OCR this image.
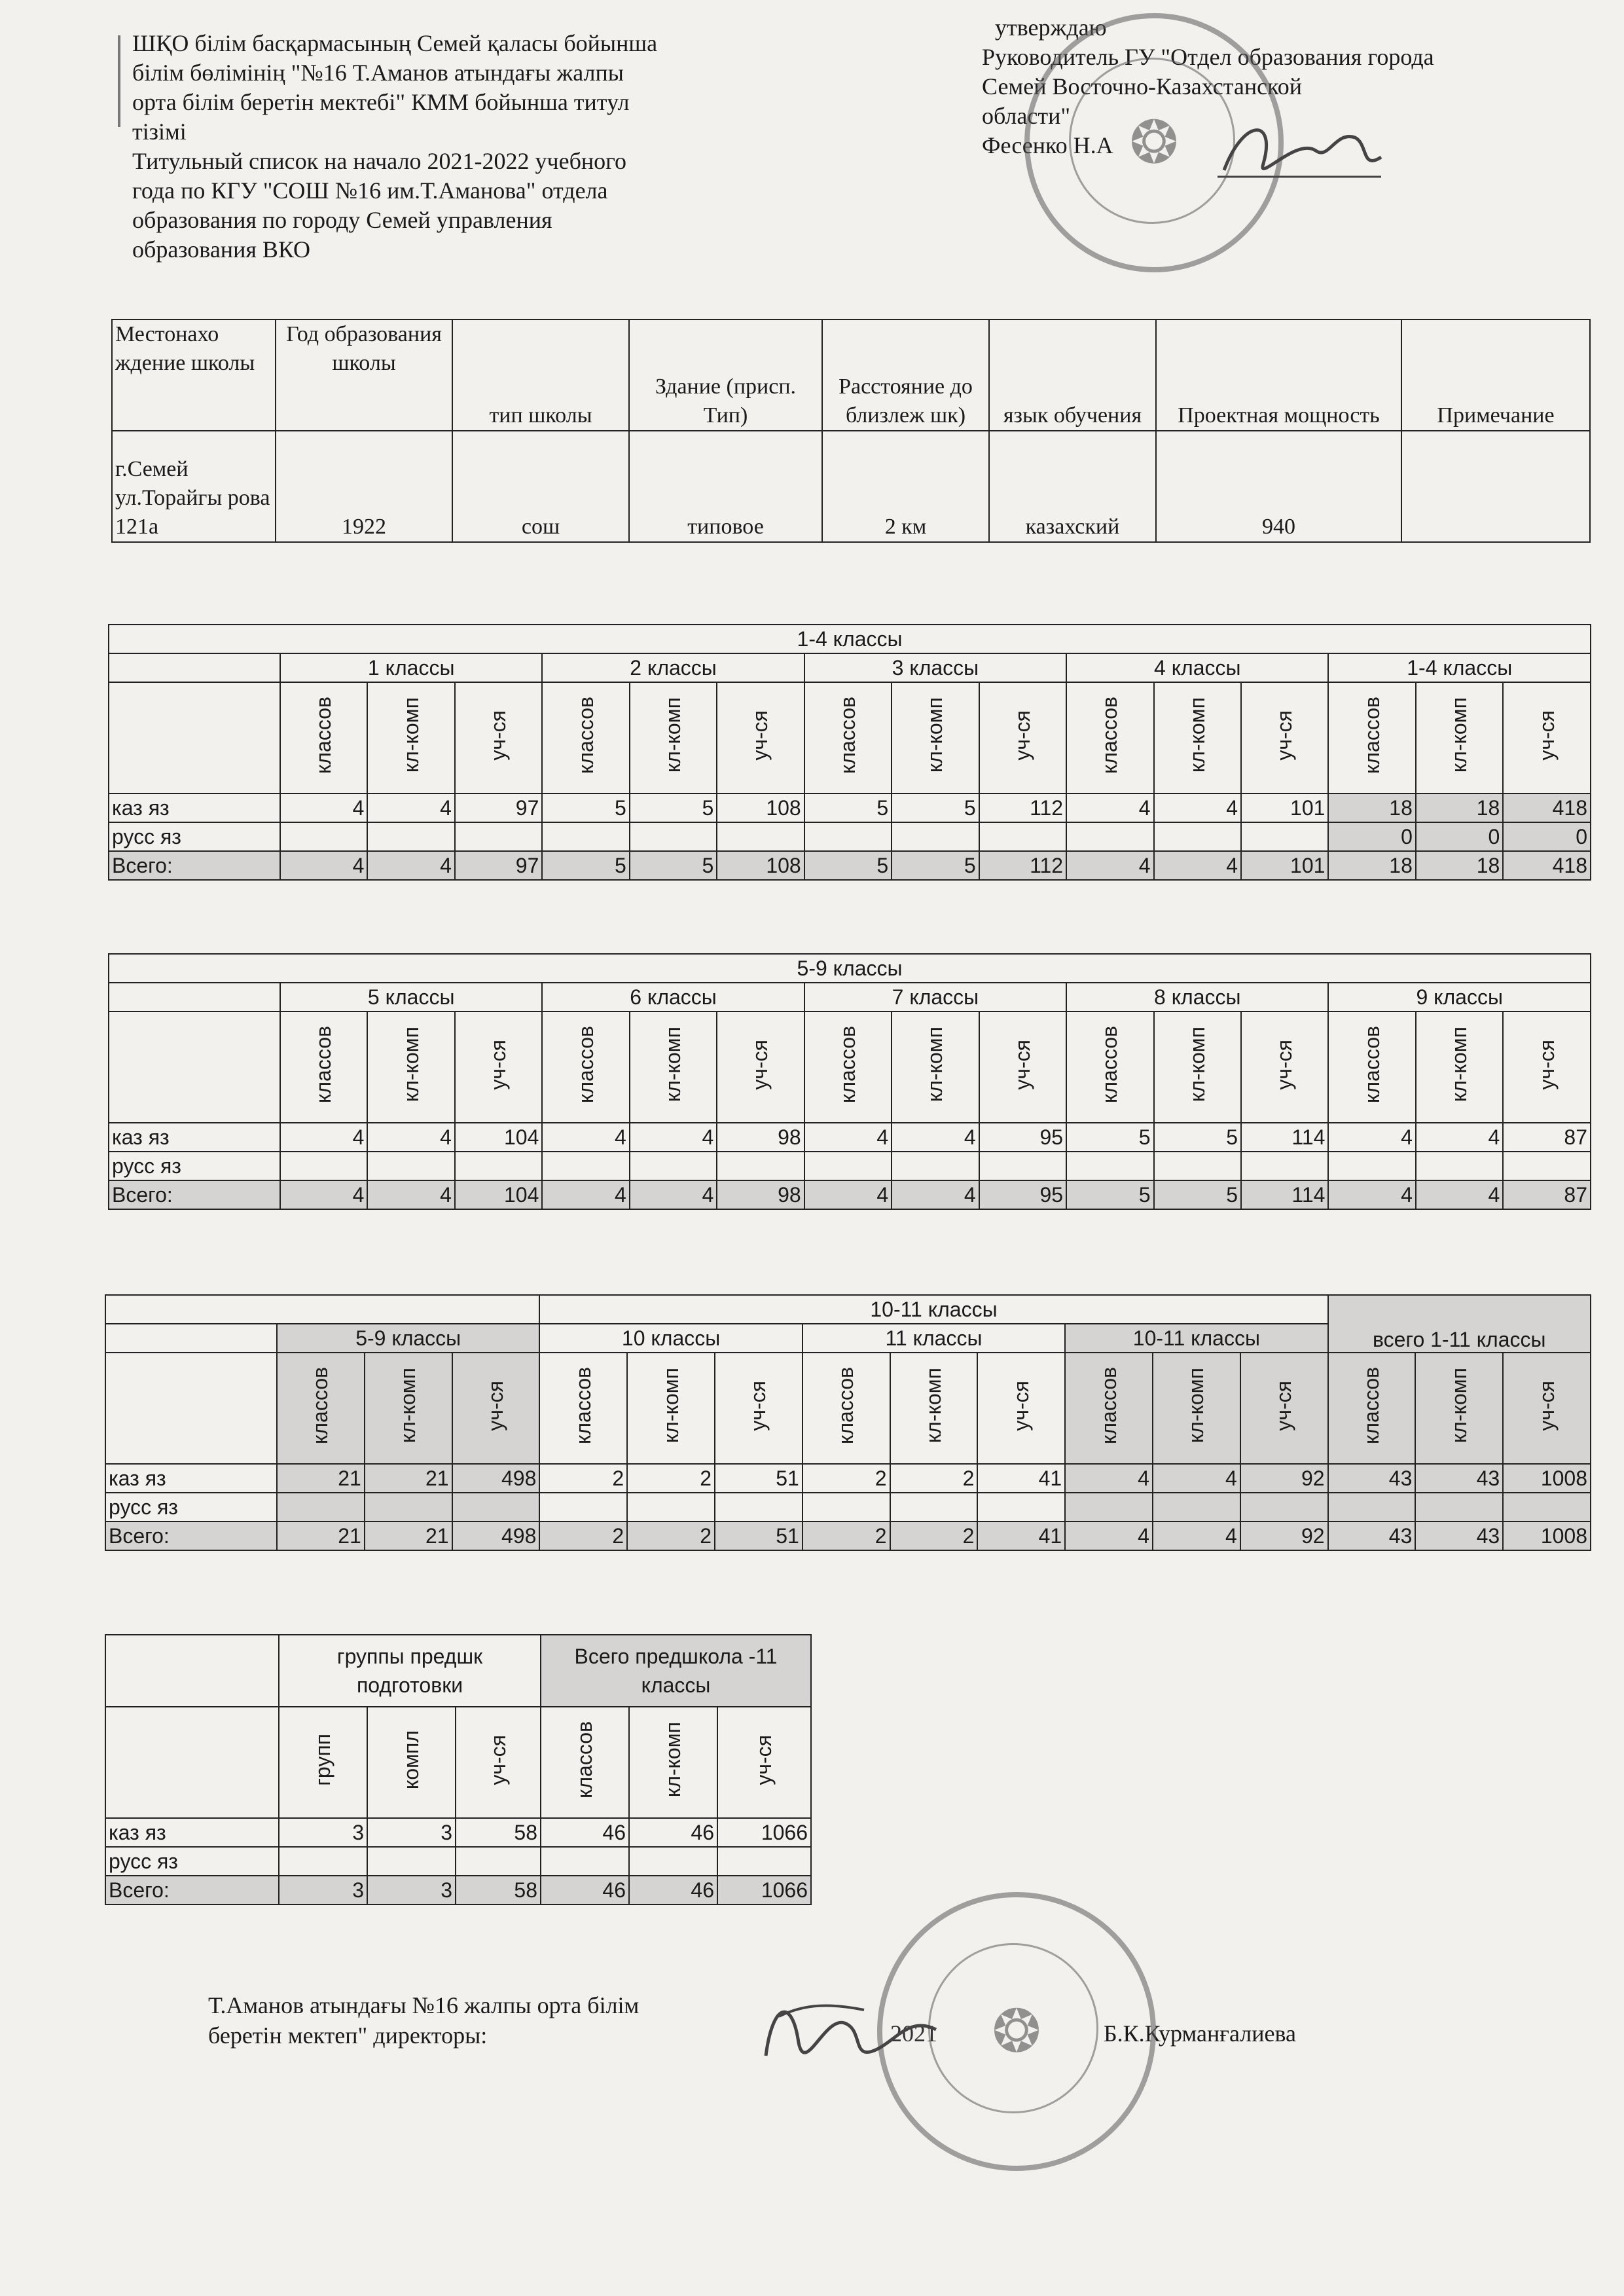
ШҚО білім басқармасының Семей қаласы бойынша
білім бөлімінің "№16 Т.Аманов атындағы жалпы
орта білім беретін мектебі" КММ бойынша титул
тізімі
Титульный список на начало 2021-2022 учебного
года по КГУ "СОШ №16 им.Т.Аманова" отдела
образования по городу Семей управления
образования ВКО
утверждаю
Руководитель ГУ "Отдел образования города
Семей Восточно-Казахстанской
области"
Фесенко Н.А ❂
Местонахо ждение школы	Год образования школы	тип школы	Здание (присп. Тип)	Расстояние до близлеж шк)	язык обучения	Проектная мощность	Примечание
г.Семей ул.Торайгы рова 121а	1922	сош	типовое	2 км	казахский	940	
1-4 классы															
	1 классы			2 классы			3 классы			4 классы			1-4 классы		
	классов	кл-комп	уч-ся	классов	кл-комп	уч-ся	классов	кл-комп	уч-ся	классов	кл-комп	уч-ся	классов	кл-комп	уч-ся
каз яз	4	4	97	5	5	108	5	5	112	4	4	101	18	18	418
русс яз													0	0	0
Всего:	4	4	97	5	5	108	5	5	112	4	4	101	18	18	418
5-9 классы															
	5 классы			6 классы			7 классы			8 классы			9 классы		
	классов	кл-комп	уч-ся	классов	кл-комп	уч-ся	классов	кл-комп	уч-ся	классов	кл-комп	уч-ся	классов	кл-комп	уч-ся
каз яз	4	4	104	4	4	98	4	4	95	5	5	114	4	4	87
русс яз															
Всего:	4	4	104	4	4	98	4	4	95	5	5	114	4	4	87
				10-11 классы									всего 1-11 классы		
	5-9 классы			10 классы			11 классы			10-11 классы					
	классов	кл-комп	уч-ся	классов	кл-комп	уч-ся	классов	кл-комп	уч-ся	классов	кл-комп	уч-ся	классов	кл-комп	уч-ся
каз яз	21	21	498	2	2	51	2	2	41	4	4	92	43	43	1008
русс яз															
Всего:	21	21	498	2	2	51	2	2	41	4	4	92	43	43	1008
	группы предшк подготовки			Всего предшкола -11 классы		
	групп	компл	уч-ся	классов	кл-комп	уч-ся
каз яз	3	3	58	46	46	1066
русс яз						
Всего:	3	3	58	46	46	1066
Т.Аманов атындағы №16 жалпы орта білім
беретін мектеп" директоры:	2021	Б.К.Курманғалиева
❂
